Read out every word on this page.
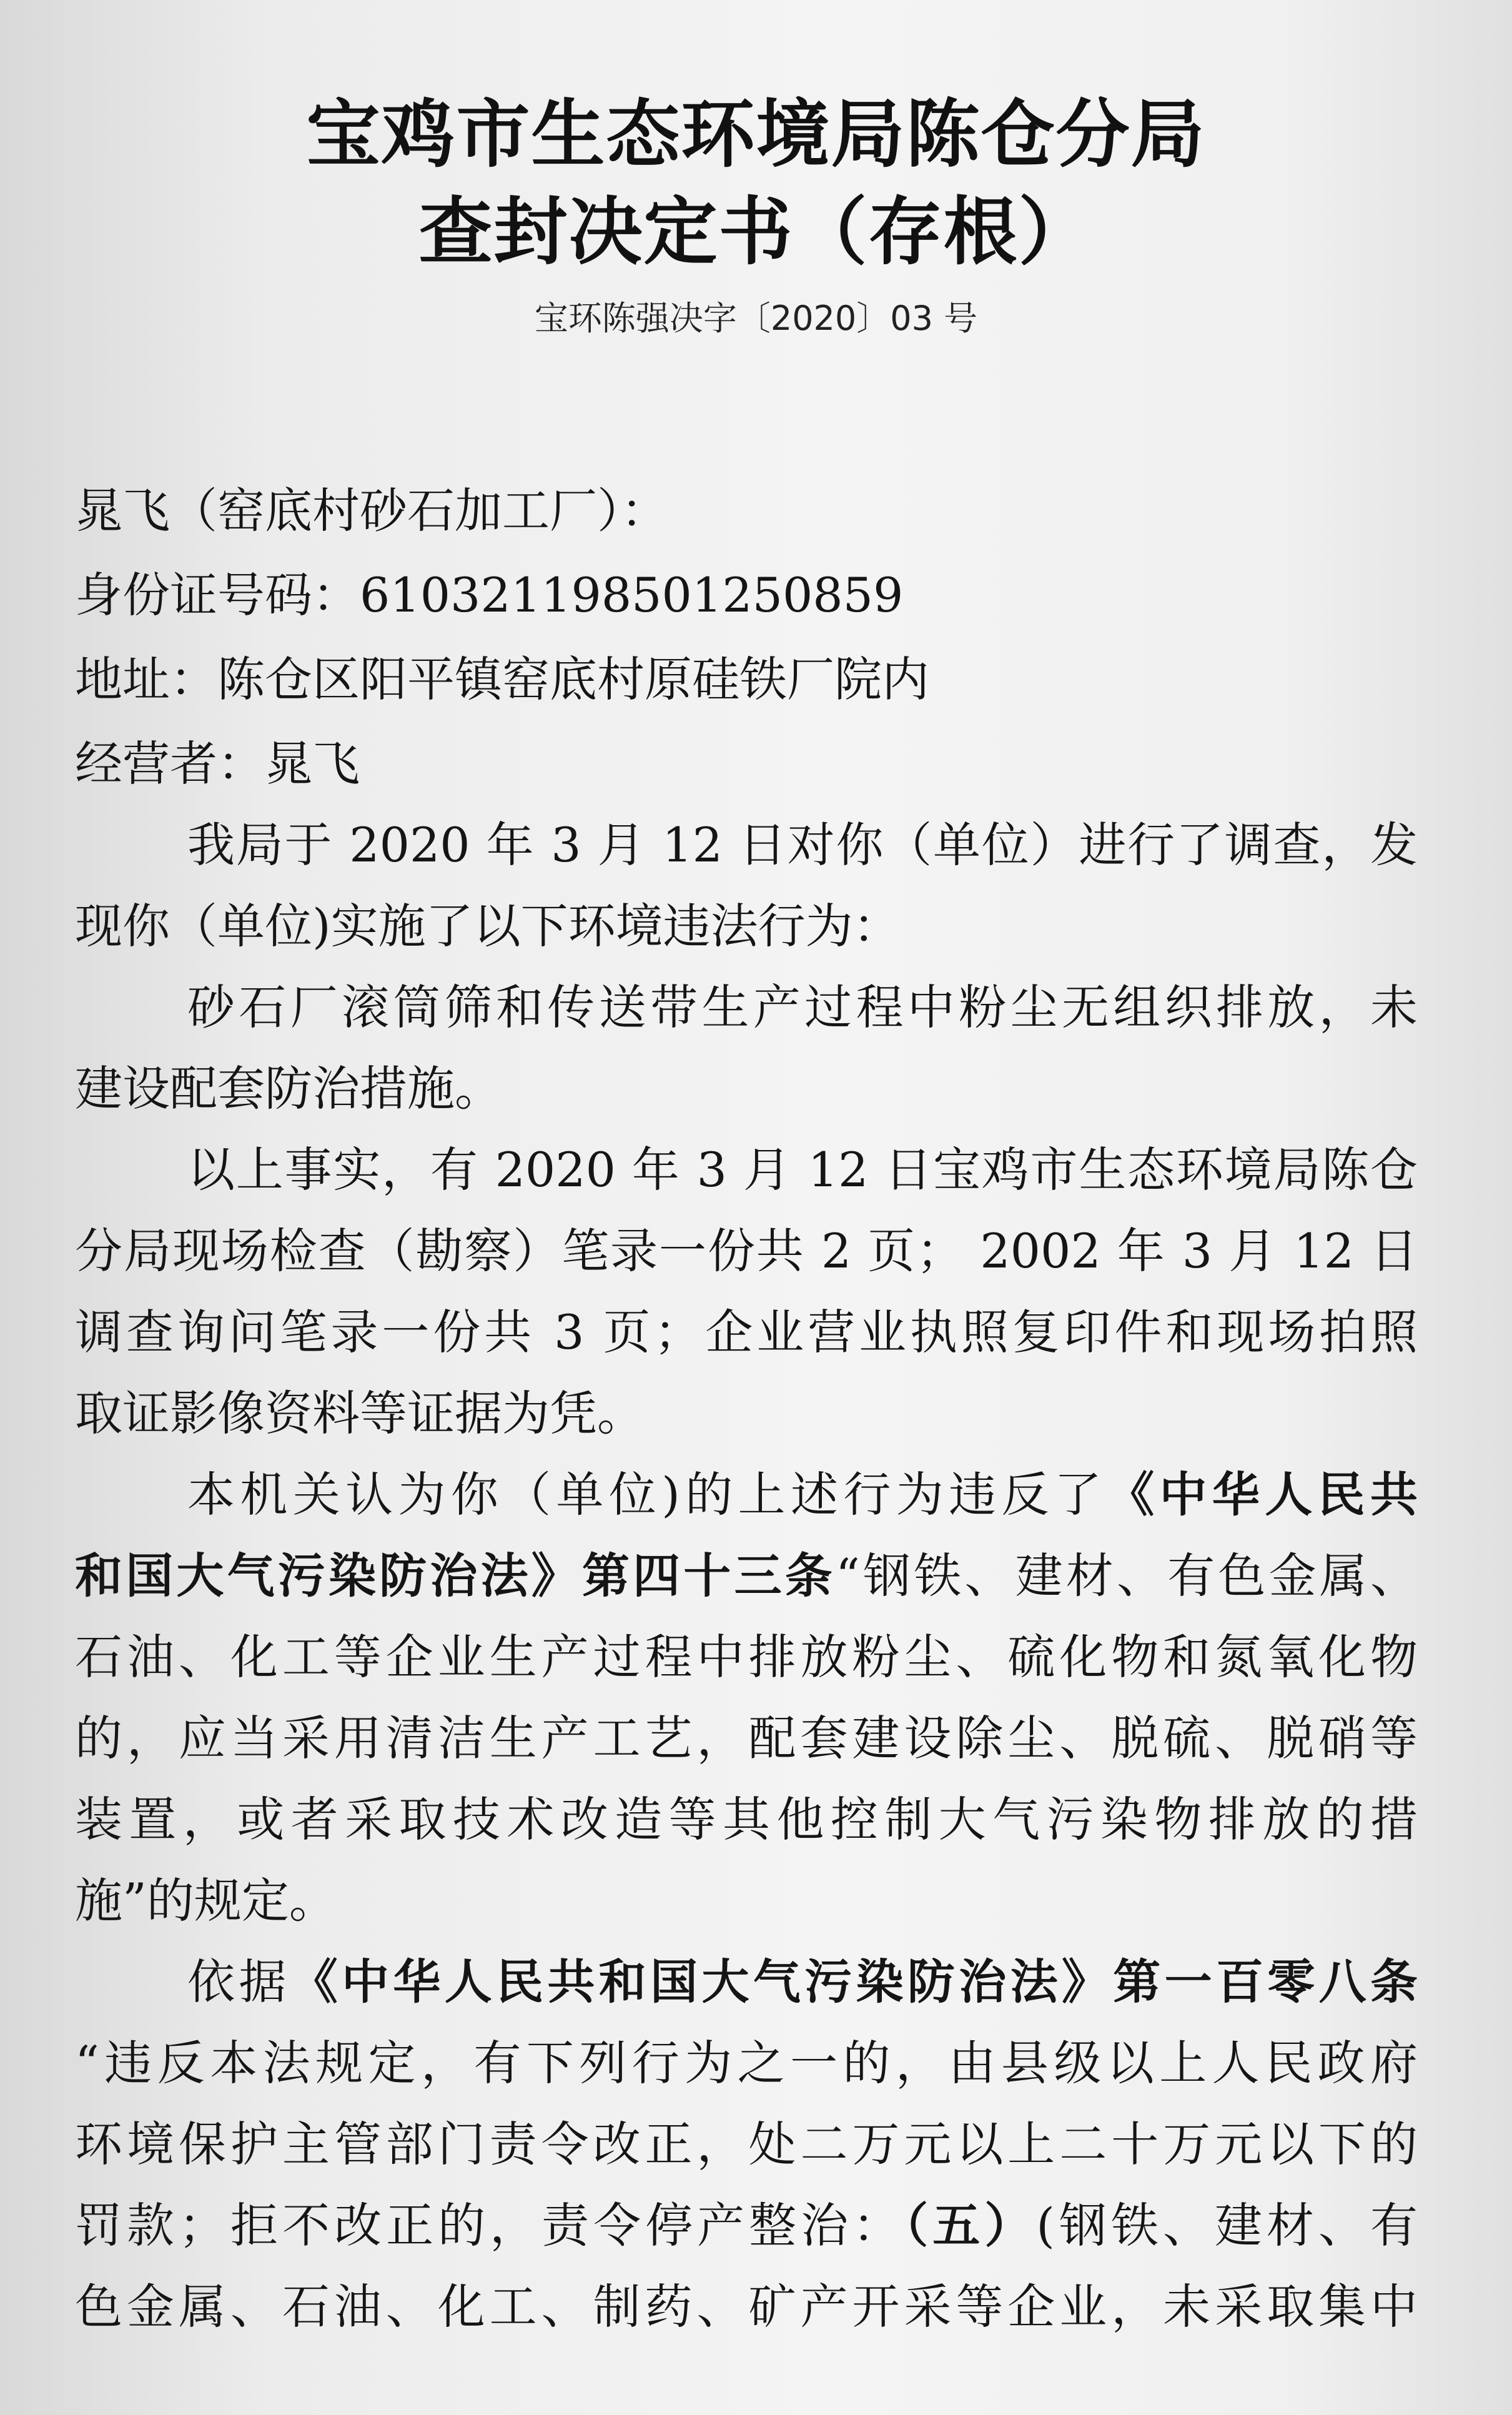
宝鸡市生态环境局陈仓分局
查封决定书（存根）
宝环陈强决字〔2020〕03 号
晁飞（窑底村砂石加工厂）：
身份证号码：610321198501250859
地址：陈仓区阳平镇窑底村原硅铁厂院内
经营者：晁飞
我局于 2020 年 3 月 12 日对你（单位）进行了调查，发
现你（单位)实施了以下环境违法行为：
砂石厂滚筒筛和传送带生产过程中粉尘无组织排放，未
建设配套防治措施。
以上事实，有 2020 年 3 月 12 日宝鸡市生态环境局陈仓
分局现场检查（勘察）笔录一份共 2 页； 2002 年 3 月 12 日
调查询问笔录一份共 3 页；企业营业执照复印件和现场拍照
取证影像资料等证据为凭。
本机关认为你（单位)的上述行为违反了《中华人民共
和国大气污染防治法》第四十三条“钢铁、建材、有色金属、
石油、化工等企业生产过程中排放粉尘、硫化物和氮氧化物
的，应当采用清洁生产工艺，配套建设除尘、脱硫、脱硝等
装置，或者采取技术改造等其他控制大气污染物排放的措
施”的规定。
依据《中华人民共和国大气污染防治法》第一百零八条
“违反本法规定，有下列行为之一的，由县级以上人民政府
环境保护主管部门责令改正，处二万元以上二十万元以下的
罚款；拒不改正的，责令停产整治：（五）(钢铁、建材、有
色金属、石油、化工、制药、矿产开采等企业，未采取集中
